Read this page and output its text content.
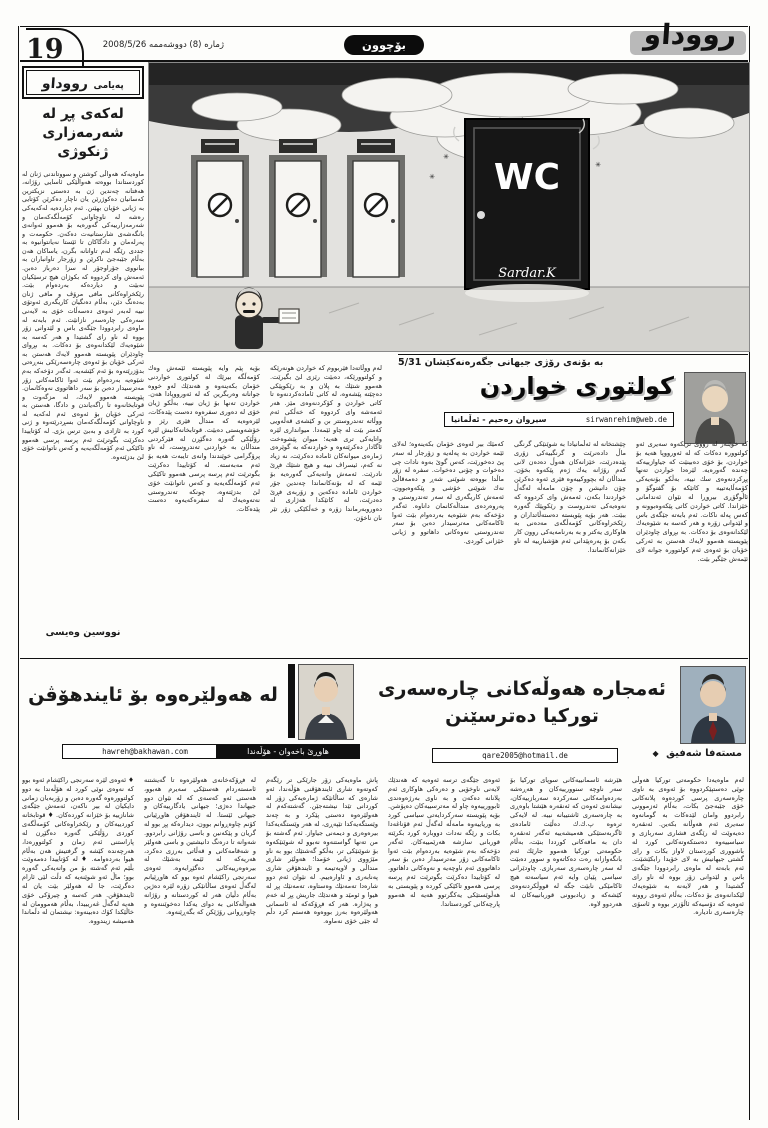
19	ژماره‌ (8) دووشه‌ممه‌ 2008/5/26	بۆچوون	رووداو
په‌یامی رووداو
له‌كه‌ی پڕ له‌
شه‌رمه‌زاری ژنكوژی
ماوه‌یه‌كه‌ هه‌واڵی كوشتن و سووتاندنی ژنان له‌ كوردستاندا بووه‌ته‌ هه‌واڵێكی ئاسایی رۆژانه‌، هه‌فتانه‌ چه‌ندین ژن به‌ ده‌ستی نزیكترین كه‌سانیان ده‌كوژرێن یان ناچار ده‌كرێن كۆتایی به‌ ژیانی خۆیان بهێنن. ئه‌م دیارده‌یه‌ له‌كه‌یه‌كی ره‌شه‌ له‌ ناوچاوانی كۆمه‌ڵگه‌كه‌مان و شه‌رمه‌زارییه‌كی گه‌وره‌یه‌ بۆ هه‌موو ئه‌وانه‌ی بانگه‌شه‌ی شارستانیه‌ت ده‌كه‌ن. حكومه‌ت و په‌رله‌مان و دادگاكان تا ئێستا نه‌یانتوانیوه‌ به‌ جددی رێگه‌ له‌م تاوانانه‌ بگرن، یاساكان هه‌ن به‌ڵام جێبه‌جێ ناكرێن و زۆرجار تاوانباران به‌ بیانووی جۆراوجۆر له‌ سزا ده‌رباز ده‌بن. ئه‌مه‌ش وای كردووه‌ كه‌ بكوژان هیچ ترسێكیان نه‌بێت و دیارده‌كه‌ به‌رده‌وام بێت. رێكخراوه‌كانی مافی مرۆڤ و مافی ژنان به‌ده‌نگ دێن، به‌ڵام ده‌نگیان كاریگه‌ری ئه‌وتۆی نییه‌ له‌به‌ر ئه‌وه‌ی ده‌سه‌ڵات خۆی به‌ لایه‌نی سه‌ره‌كی چاره‌سه‌ر نازانێت. ئه‌م بابه‌ته‌ له‌ ماوه‌ی رابردوودا جێگه‌ی باس و لێدوانی زۆر بووه‌ له‌ ناو رای گشتیدا و هه‌ر كه‌سه‌ به‌ شێوه‌یه‌ك لێكدانه‌وه‌ی بۆ ده‌كات. به‌ بڕوای چاودێران پێویسته‌ هه‌موو لایه‌ك هه‌ستن به‌ ئه‌ركی خۆیان بۆ ئه‌وه‌ی چاره‌سه‌رێكی بنه‌ڕه‌تی بدۆزرێته‌وه‌ بۆ ئه‌م كێشه‌یه‌. ئه‌گه‌ر دۆخه‌كه‌ به‌م شێوه‌یه‌ به‌رده‌وام بێت ئه‌وا ئاكامه‌كانی زۆر مه‌ترسیدار ده‌بن بۆ سه‌ر داهاتووی نه‌وه‌كانمان. پێویسته‌ هه‌موو لایه‌ك، له‌ مزگه‌وت و قوتابخانه‌وه‌ تا راگه‌یاندن و دادگا، هه‌ستن به‌ ئه‌ركی خۆیان بۆ ئه‌وه‌ی ئه‌م له‌كه‌یه‌ له‌ ناوچاوانی كۆمه‌ڵگه‌كه‌مان بسڕدرێته‌وه‌ و ژنی كورد به‌ ئازادی و به‌بێ ترس بژی. له‌ كۆتاییدا ده‌كرێت بگوترێت ئه‌م پرسه‌ پرسی هه‌موو تاكێكی ئه‌م كۆمه‌ڵگه‌یه‌یه‌ و كه‌س ناتوانێت خۆی لێ بدزێته‌وه‌.
نووسین وه‌یسی
WC
Sardar.K
✳
✳
✳
به‌ بۆنه‌ی رۆژی جیهانی جگه‌ره‌نه‌كێشان 5/31
كولتوری خواردن
sirwanrehim@web.de
سیروان ره‌حیم - ئه‌ڵمانیا
كه‌ خوێنه‌ر له‌ رووی نزیكه‌وه‌ سه‌یری ئه‌و كولتووره‌ ده‌كات كه‌ له‌ ئه‌ورووپا هه‌یه‌ بۆ خواردن، بۆ خۆی ده‌بینێت كه‌ جیاوازییه‌كه‌ چه‌نده‌ گه‌وره‌یه‌. لێره‌دا خواردن ته‌نها پڕكردنه‌وه‌ی سك نییه‌، به‌ڵكو بۆنه‌یه‌كی كۆمه‌ڵایه‌تییه‌ و كاتێكه‌ بۆ گفتوگۆ و ئاڵوگۆڕی بیروڕا له‌ نێوان ئه‌ندامانی خێزاندا. كاتی خواردن كاتی پێكه‌وه‌بوونه‌ و كه‌س په‌له‌ ناكات. ئه‌م بابه‌ته‌ جێگه‌ی باس و لێدوانی زۆره‌ و هه‌ر كه‌سه‌ به‌ شێوه‌یه‌ك لێكدانه‌وه‌ی بۆ ده‌كات. به‌ بڕوای چاودێران پێویسته‌ هه‌موو لایه‌ك هه‌ستن به‌ ئه‌ركی خۆیان بۆ ئه‌وه‌ی ئه‌م كولتووره‌ جوانه‌ لای ئێمه‌ش جێگیر بێت.
چێشتخانه‌ له‌ ئه‌ڵمانیادا به‌ شوێنێكی گرنگی ماڵ داده‌نرێت و گرنگییه‌كی زۆری پێده‌درێت، خێزانه‌كان هه‌وڵ ده‌ده‌ن لانی كه‌م رۆژانه‌ یه‌ك ژه‌م پێكه‌وه‌ بخۆن. منداڵان له‌ بچووكییه‌وه‌ فێری ئه‌وه‌ ده‌كرێن چۆن دانیشن و چۆن مامه‌ڵه‌ له‌گه‌ڵ خواردندا بكه‌ن، ئه‌مه‌ش وای كردووه‌ كه‌ نه‌وه‌یه‌كی ته‌ندروست و رێكوپێك گه‌وره‌ ببێت. هه‌ر بۆیه‌ پێویسته‌ ده‌سته‌ڵاتداران و رێكخراوه‌كانی كۆمه‌ڵگه‌ی مه‌ده‌نی به‌ هاوكاری یه‌كتر و به‌ به‌رنامه‌یه‌كی روون كار بكه‌ن بۆ په‌ره‌پێدانی ئه‌م هۆشیارییه‌ له‌ ناو خێزانه‌كانماندا.
كه‌مێك بیر له‌وه‌ی خۆمان بكه‌ینه‌وه‌؛ له‌لای ئێمه‌ خواردن به‌ په‌له‌یه‌ و زۆرجار له‌ سه‌ر پێ ده‌خورێت، كه‌س گوێ به‌وه‌ نادات چی ده‌خوات و چۆنی ده‌خوات. سفره‌ له‌ زۆر ماڵدا بووه‌ته‌ شوێنی شه‌ڕ و ده‌مه‌قاڵێ نه‌ك شوێنی خۆشی و پێكه‌وه‌بوون. ئه‌مه‌ش كاریگه‌ری له‌ سه‌ر ته‌ندروستی و په‌روه‌رده‌ی منداڵه‌كانمان داناوه‌. ئه‌گه‌ر دۆخه‌كه‌ به‌م شێوه‌یه‌ به‌رده‌وام بێت ئه‌وا ئاكامه‌كانی مه‌ترسیدار ده‌بن بۆ سه‌ر ته‌ندروستی نه‌وه‌كانی داهاتوو و ژیانی خێزانی كوردی.
له‌م ووڵاته‌دا فێربووم كه‌ خواردن هونه‌رێكه‌ و كولتوورێكه‌، ده‌بێت رێزی لێ بگیرێت. هه‌موو شتێك به‌ پلان و به‌ رێكوپێكی ده‌چێته‌ پێشه‌وه‌، له‌ كاتی ئاماده‌كردنه‌وه‌ تا كاتی خواردن و كۆكردنه‌وه‌ی مێز. هه‌ر ئه‌مه‌شه‌ وای كردووه‌ كه‌ خه‌ڵكی ئه‌م ووڵاته‌ ته‌ندروستتر بن و كێشه‌ی قه‌ڵه‌ویی كه‌متر بێت له‌ چاو ئێمه‌دا. میوانداری لێره‌ واتایه‌كی تری هه‌یه‌؛ میوان پێشوه‌خت ئاگادار ده‌كرێته‌وه‌ و خواردنه‌كه‌ به‌ گوێره‌ی ژماره‌ی میوانه‌كان ئاماده‌ ده‌كرێت، نه‌ زیاد نه‌ كه‌م، ئیسراف نییه‌ و هیچ شتێك فڕێ نادرێت. ئه‌مه‌ش وانه‌یه‌كی گه‌وره‌یه‌ بۆ ئێمه‌ كه‌ له‌ بۆنه‌كانماندا چه‌ندین جۆر خواردن ئاماده‌ ده‌كه‌ین و زۆربه‌ی فڕێ ده‌درێت، له‌ كاتێكدا هه‌ژاری له‌ ده‌وروبه‌رماندا زۆره‌ و خه‌ڵكێكی زۆر تێر نان ناخۆن.
بۆیه‌ پێم وایه‌ پێویسته‌ ئێمه‌ش وه‌ك كۆمه‌ڵگه‌ بیرێك له‌ كولتوری خواردنی خۆمان بكه‌ینه‌وه‌ و هه‌ندێك له‌و خووه‌ جوانانه‌ وه‌ربگرین كه‌ له‌ ئه‌ورووپادا هه‌ن. خواردن ته‌نها بۆ ژیان نییه‌، به‌ڵكو ژیان خۆی له‌ ده‌وری سفره‌وه‌ ده‌ست پێده‌كات، لێره‌وه‌یه‌ كه‌ منداڵ فێری رێز و خۆشه‌ویستی ده‌بێت. قوتابخانه‌كانیش لێره‌ رۆڵێكی گه‌وره‌ ده‌گێڕن له‌ فێركردنی منداڵان به‌ خواردنی ته‌ندروست، له‌ ناو پرۆگرامی خوێندندا وانه‌ی تایبه‌ت هه‌یه‌ بۆ ئه‌م مه‌به‌سته‌. له‌ كۆتاییدا ده‌كرێت بگوترێت ئه‌م پرسه‌ پرسی هه‌موو تاكێكی ئه‌م كۆمه‌ڵگه‌یه‌یه‌ و كه‌س ناتوانێت خۆی لێ بدزێته‌وه‌، چونكه‌ ته‌ندروستی نه‌ته‌وه‌یه‌ك له‌ سفره‌كه‌یه‌وه‌ ده‌ست پێده‌كات.
ئه‌مجاره‌ هه‌وڵه‌كانی چاره‌سه‌ری
توركیا ده‌ترسێنن
qare2005@hotmail.de	مسته‌فا شه‌فیق ◆
له‌م ماوه‌یه‌دا حكومه‌تی توركیا هه‌وڵی نوێی ده‌ستپێكردووه‌ بۆ ئه‌وه‌ی به‌ ناوی چاره‌سه‌ری پرسی كورده‌وه‌ پلانه‌كانی خۆی جێبه‌جێ بكات، به‌ڵام ئه‌زموونی رابردوو وامان لێده‌كات به‌ گومانه‌وه‌ سه‌یری ئه‌م هه‌وڵانه‌ بكه‌ین. ئه‌نقه‌ره‌ ده‌یه‌وێت له‌ رێگه‌ی فشاری سه‌ربازی و سیاسییه‌وه‌ ده‌ستكه‌وته‌كانی كورد له‌ باشووری كوردستان لاواز بكات و رای گشتی جیهانیش به‌ لای خۆیدا رابكێشێت. ئه‌م بابه‌ته‌ له‌ ماوه‌ی رابردوودا جێگه‌ی باس و لێدوانی زۆر بووه‌ له‌ ناو رای گشتیدا و هه‌ر لایه‌نه‌ به‌ شێوه‌یه‌ك لێكدانه‌وه‌ی بۆ ده‌كات، به‌ڵام ئه‌وه‌ی روونه‌ ئه‌وه‌یه‌ كه‌ دۆسیه‌كه‌ ئاڵۆزتر بووه‌ و ئاسۆی چاره‌سه‌ری نادیاره‌.
هێرشه‌ ئاسمانییه‌كانی سوپای توركیا بۆ سه‌ر ناوچه‌ سنوورییه‌كان و هه‌ڕه‌شه‌ به‌رده‌وامه‌كانی سه‌ركرده‌ سه‌ربازییه‌كان، نیشانه‌ی ئه‌وه‌ن كه‌ ئه‌نقه‌ره‌ هێشتا باوه‌ڕی به‌ چاره‌سه‌ری ئاشتییانه‌ نییه‌. له‌ لایه‌كی تره‌وه‌ پ.ك.ك ده‌ڵێت ئاماده‌ی ئاگربه‌ستێكی هه‌میشه‌ییه‌ ئه‌گه‌ر ئه‌نقه‌ره‌ دان به‌ مافه‌كانی كورددا بنێت، به‌ڵام حكومه‌تی توركیا هه‌موو جارێك ئه‌م بانگه‌وازانه‌ ره‌ت ده‌كاته‌وه‌ و سوور ده‌بێت له‌ سه‌ر چاره‌سه‌ری سه‌ربازی. چاودێرانی سیاسی پێیان وایه‌ ئه‌م سیاسه‌ته‌ هیچ ئاكامێكی نابێت جگه‌ له‌ قووڵكردنه‌وه‌ی كێشه‌كه‌ و زیادبوونی قوربانییه‌كان له‌ هه‌ردوو لاوه‌.
ئه‌وه‌ی جێگه‌ی ترسه‌ ئه‌وه‌یه‌ كه‌ هه‌ندێك لایه‌نی ناوخۆیی و ده‌ره‌كی هاوكاری ئه‌م پلانانه‌ ده‌كه‌ن و به‌ ناوی به‌رژه‌وه‌ندی ئابوورییه‌وه‌ چاو له‌ مه‌ترسییه‌كان ده‌پۆشن. بۆیه‌ پێویسته‌ سه‌ركردایه‌تی سیاسی كورد به‌ وریاییه‌وه‌ مامه‌ڵه‌ له‌گه‌ڵ ئه‌م قۆناغه‌دا بكات و رێگه‌ نه‌دات دووباره‌ كورد بكرێته‌ قوربانی سازشه‌ هه‌رێمییه‌كان. ئه‌گه‌ر دۆخه‌كه‌ به‌م شێوه‌یه‌ به‌رده‌وام بێت ئه‌وا ئاكامه‌كانی زۆر مه‌ترسیدار ده‌بن بۆ سه‌ر داهاتووی ئه‌م ناوچه‌یه‌ و نه‌وه‌كانی داهاتوو. له‌ كۆتاییدا ده‌كرێت بگوترێت ئه‌م پرسه‌ پرسی هه‌موو تاكێكی كورده‌ و پێویستی به‌ هه‌ڵوێستێكی یه‌كگرتوو هه‌یه‌ له‌ هه‌موو پارچه‌كانی كوردستاندا.
له‌ هه‌ولێره‌وه‌ بۆ ئایندهۆڤن
hawreh@bakhawan.com	هاوڕێ باخه‌وان - هۆڵه‌ندا
پاش ماوه‌یه‌كی زۆر جارێكی تر رێگه‌م كه‌وته‌وه‌ شاری ئایندهۆڤنی هۆڵه‌ندا، ئه‌و شاره‌ی كه‌ ساڵانێكه‌ ژماره‌یه‌كی زۆر له‌ كوردانی تێدا نیشته‌جێن. گه‌شته‌كه‌م له‌ هه‌ولێره‌وه‌ ده‌ستی پێكرد و به‌ چه‌ند وێستگه‌یه‌كدا تێپه‌ڕی، له‌ هه‌ر وێستگه‌یه‌كدا بیره‌وه‌ری و دیمه‌نی جیاواز. ئه‌م گه‌شته‌ بۆ من ته‌نها گواستنه‌وه‌ نه‌بوو له‌ شوێنێكه‌وه‌ بۆ شوێنێكی تر، به‌ڵكو گه‌شتێك بوو به‌ ناو مێژووی ژیانی خۆمدا؛ هه‌ولێر شاری منداڵی و لاویه‌تیمه‌ و ئایندهۆڤن شاری په‌نابه‌ری و ئاواره‌ییم. له‌ نێوان ئه‌م دوو شاره‌دا ته‌مه‌نێك وه‌ستاوه‌، ته‌مه‌نێك پڕ له‌ هیوا و ئومێد و هه‌ندێك جاریش پڕ له‌ خه‌م و په‌ژاره‌. هه‌ر كه‌ فڕۆكه‌كه‌ له‌ ئاسمانی هه‌ولێره‌وه‌ به‌رز بووه‌وه‌ هه‌ستم كرد دڵم له‌ جێی خۆی نه‌ماوه‌.
له‌ فڕۆكه‌خانه‌ی هه‌ولێره‌وه‌ تا گه‌یشتنه‌ ئامسته‌ردام هه‌ستێكی سه‌یرم هه‌بوو، هه‌ستی ئه‌و كه‌سه‌ی كه‌ له‌ نێوان دوو جیهاندا ده‌ژی؛ جیهانی یادگارییه‌كان و جیهانی ئێستا. له‌ ئایندهۆڤن هاوڕێیانی كۆنم چاوه‌ڕوانم بوون، دیداره‌كه‌ پڕ بوو له‌ گریان و پێكه‌نین و باسی رۆژانی رابردوو. شه‌وانه‌ تا دره‌نگ دانیشتین و باسی هه‌ولێر و شه‌قامه‌كانی و قه‌ڵاتی به‌رزی ده‌كرد، هه‌ریه‌كه‌ له‌ ئێمه‌ به‌شێك له‌ بیره‌وه‌رییه‌كانی ده‌گێڕایه‌وه‌. ئه‌وه‌ی سه‌رنجی راكێشام ئه‌وه‌ بوو كه‌ هاوڕێیانم له‌گه‌ڵ ئه‌وه‌ی ساڵانێكی زۆره‌ لێره‌ ده‌ژین به‌ڵام دڵیان هه‌ر له‌ كوردستانه‌ و رۆژانه‌ هه‌واڵه‌كانی به‌ دوای یه‌كدا ده‌خوێننه‌وه‌ و چاوه‌ڕوانی رۆژێكن كه‌ بگه‌ڕێنه‌وه‌.
♦ ئه‌وه‌ی لێره‌ سه‌رنجی راكێشام ئه‌وه‌ بوو كه‌ نه‌وه‌ی نوێی كورد له‌ هۆڵه‌ندا به‌ دوو كولتووره‌وه‌ گه‌وره‌ ده‌بن و زۆربه‌یان زمانی دایكیان له‌ بیر ناكه‌ن، ئه‌مه‌ش جێگه‌ی شانازییه‌ بۆ خێزانه‌ كورده‌كان. ♦ قوتابخانه‌ كوردییه‌كان و رێكخراوه‌كانی كۆمه‌ڵگه‌ی كوردی رۆڵێكی گه‌وره‌ ده‌گێڕن له‌ پاراستنی ئه‌م زمان و كولتووره‌دا، هه‌رچه‌نده‌ كێشه‌ و گرفتیش هه‌ن به‌ڵام هیوا به‌رده‌وامه‌. ♦ له‌ كۆتاییدا ده‌مه‌وێت بڵێم ئه‌م گه‌شته‌ بۆ من وانه‌یه‌كی گه‌وره‌ بوو؛ ماڵ ئه‌و شوێنه‌یه‌ كه‌ دڵت لێی ئارام ده‌گرێت، جا له‌ هه‌ولێر بێت یان له‌ ئایندهۆڤن. هه‌ر كه‌سه‌ و چیرۆكی خۆی هه‌یه‌ له‌گه‌ڵ غه‌ریبیدا، به‌ڵام هه‌موومان له‌ خاڵێكدا كۆك ده‌بینه‌وه‌: نیشتمان له‌ دڵماندا هه‌میشه‌ زیندووه‌.
